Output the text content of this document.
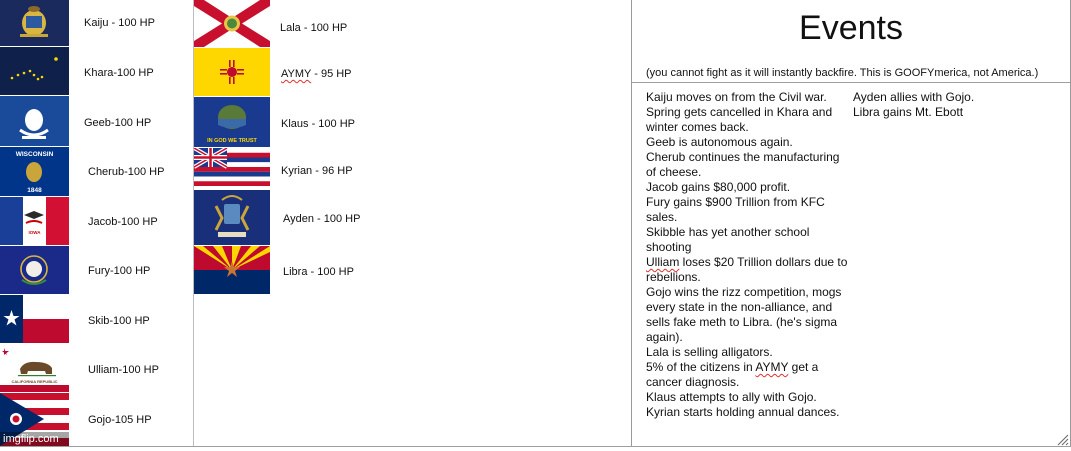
WISCONSIN
1848
IOWA
CALIFORNIA REPUBLIC
Kaiju - 100 HP
Khara-100 HP
Geeb-100 HP
Cherub-100 HP
Jacob-100 HP
Fury-100 HP
Skib-100 HP
Ulliam-100 HP
Gojo-105 HP
IN GOD WE TRUST
Lala - 100 HP
AYMY - 95 HP
Klaus - 100 HP
Kyrian - 96 HP
Ayden - 100 HP
Libra - 100 HP
Events
(you cannot fight as it will instantly backfire. This is GOOFYmerica, not America.)
Kaiju moves on from the Civil war.
Spring gets cancelled in Khara and
winter comes back.
Geeb is autonomous again.
Cherub continues the manufacturing
of cheese.
Jacob gains $80,000 profit.
Fury gains $900 Trillion from KFC
sales.
Skibble has yet another school
shooting
Ulliam loses $20 Trillion dollars due to
rebellions.
Gojo wins the rizz competition, mogs
every state in the non-alliance, and
sells fake meth to Libra. (he's sigma
again).
Lala is selling alligators.
5% of the citizens in AYMY get a
cancer diagnosis.
Klaus attempts to ally with Gojo.
Kyrian starts holding annual dances.
Ayden allies with Gojo.
Libra gains Mt. Ebott
imgflip.com
